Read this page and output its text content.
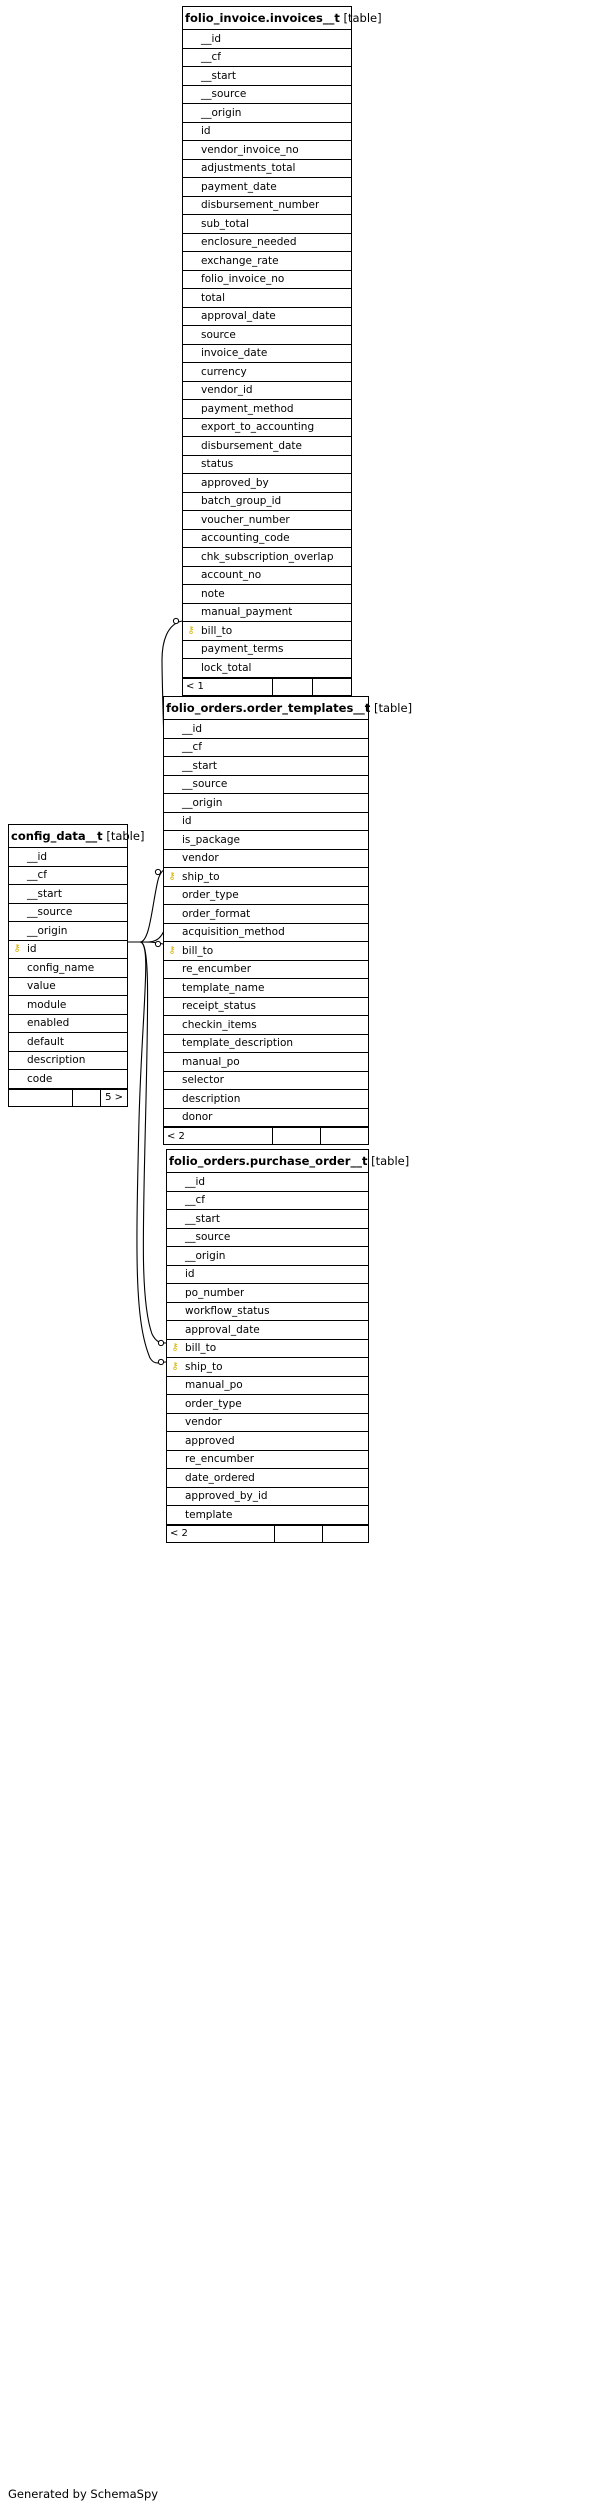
folio_invoice.invoices__t [table]
__id
__cf
__start
__source
__origin
id
vendor_invoice_no
adjustments_total
payment_date
disbursement_number
sub_total
enclosure_needed
exchange_rate
folio_invoice_no
total
approval_date
source
invoice_date
currency
vendor_id
payment_method
export_to_accounting
disbursement_date
status
approved_by
batch_group_id
voucher_number
accounting_code
chk_subscription_overlap
account_no
note
manual_payment
⚷ bill_to
payment_terms
lock_total
< 1
folio_orders.order_templates__t [table]
__id
__cf
__start
__source
__origin
id
is_package
vendor
⚷ ship_to
order_type
order_format
acquisition_method
⚷ bill_to
re_encumber
template_name
receipt_status
checkin_items
template_description
manual_po
selector
description
donor
< 2
folio_orders.purchase_order__t [table]
__id
__cf
__start
__source
__origin
id
po_number
workflow_status
approval_date
⚷ bill_to
⚷ ship_to
manual_po
order_type
vendor
approved
re_encumber
date_ordered
approved_by_id
template
< 2
config_data__t [table]
__id
__cf
__start
__source
__origin
⚷ id
config_name
value
module
enabled
default
description
code
5 >
Generated by SchemaSpy
